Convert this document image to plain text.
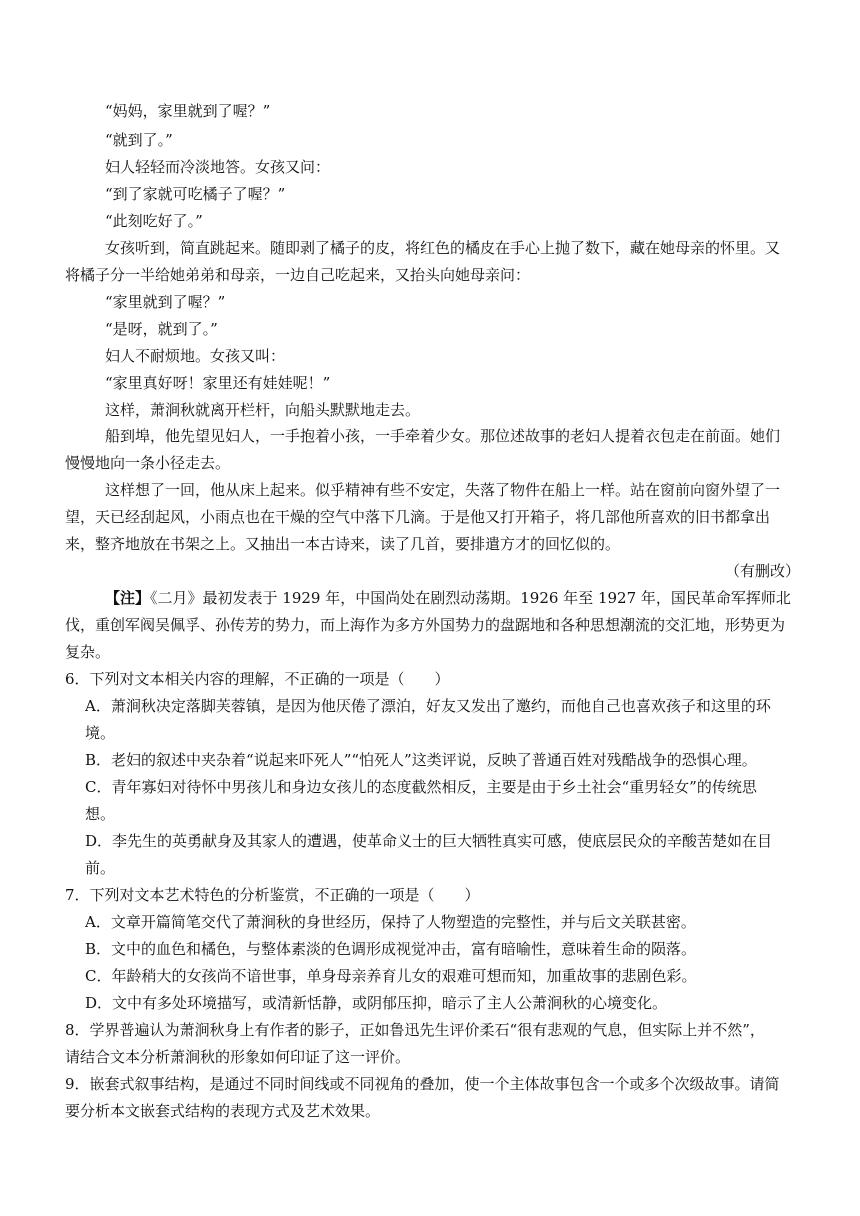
“妈妈，家里就到了喔？”
“就到了。”
妇人轻轻而冷淡地答。女孩又问：
“到了家就可吃橘子了喔？”
“此刻吃好了。”
女孩听到，简直跳起来。随即剥了橘子的皮，将红色的橘皮在手心上抛了数下，藏在她母亲的怀里。又
将橘子分一半给她弟弟和母亲，一边自己吃起来，又抬头向她母亲问：
“家里就到了喔？”
“是呀，就到了。”
妇人不耐烦地。女孩又叫：
“家里真好呀！家里还有娃娃呢！”
这样，萧涧秋就离开栏杆，向船头默默地走去。
船到埠，他先望见妇人，一手抱着小孩，一手牵着少女。那位述故事的老妇人提着衣包走在前面。她们
慢慢地向一条小径走去。
这样想了一回，他从床上起来。似乎精神有些不安定，失落了物件在船上一样。站在窗前向窗外望了一
望，天已经刮起风，小雨点也在干燥的空气中落下几滴。于是他又打开箱子，将几部他所喜欢的旧书都拿出
来，整齐地放在书架之上。又抽出一本古诗来，读了几首，要排遣方才的回忆似的。
（有删改）
【注】《二月》最初发表于 1929 年，中国尚处在剧烈动荡期。1926 年至 1927 年，国民革命军挥师北
伐，重创军阀吴佩孚、孙传芳的势力，而上海作为多方外国势力的盘踞地和各种思想潮流的交汇地，形势更为
复杂。
6．下列对文本相关内容的理解，不正确的一项是（　　）
A．萧涧秋决定落脚芙蓉镇，是因为他厌倦了漂泊，好友又发出了邀约，而他自己也喜欢孩子和这里的环
境。
B．老妇的叙述中夹杂着“说起来吓死人”“怕死人”这类评说，反映了普通百姓对残酷战争的恐惧心理。
C．青年寡妇对待怀中男孩儿和身边女孩儿的态度截然相反，主要是由于乡土社会“重男轻女”的传统思
想。
D．李先生的英勇献身及其家人的遭遇，使革命义士的巨大牺牲真实可感，使底层民众的辛酸苦楚如在目
前。
7．下列对文本艺术特色的分析鉴赏，不正确的一项是（　　）
A．文章开篇简笔交代了萧涧秋的身世经历，保持了人物塑造的完整性，并与后文关联甚密。
B．文中的血色和橘色，与整体素淡的色调形成视觉冲击，富有暗喻性，意味着生命的陨落。
C．年龄稍大的女孩尚不谙世事，单身母亲养育儿女的艰难可想而知，加重故事的悲剧色彩。
D．文中有多处环境描写，或清新恬静，或阴郁压抑，暗示了主人公萧涧秋的心境变化。
8．学界普遍认为萧涧秋身上有作者的影子，正如鲁迅先生评价柔石“很有悲观的气息，但实际上并不然”，
请结合文本分析萧涧秋的形象如何印证了这一评价。
9．嵌套式叙事结构，是通过不同时间线或不同视角的叠加，使一个主体故事包含一个或多个次级故事。请简
要分析本文嵌套式结构的表现方式及艺术效果。
